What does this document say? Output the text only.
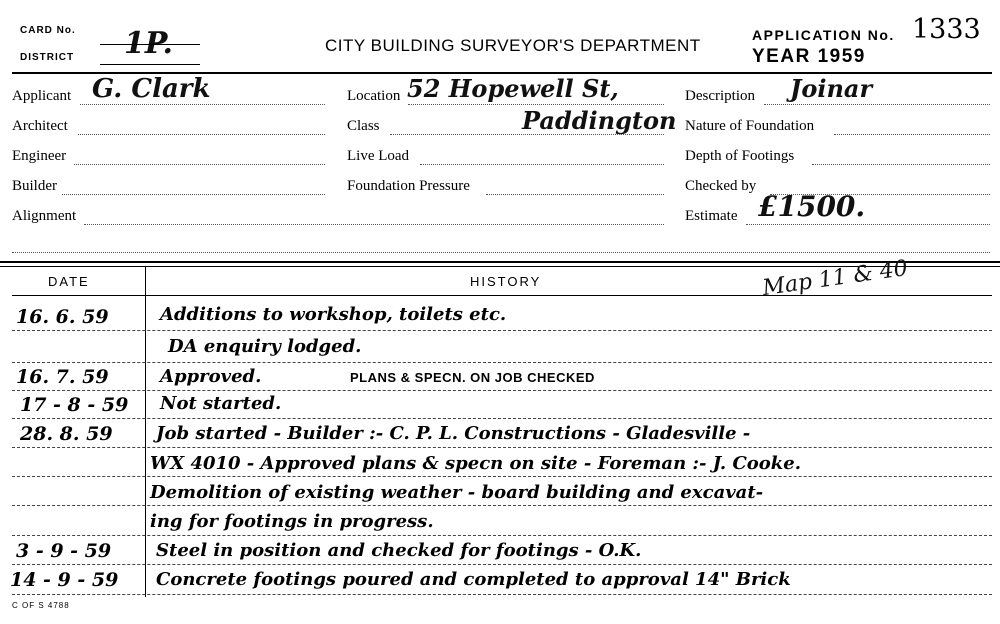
CARD No.
DISTRICT 1P.	CITY BUILDING SURVEYOR'S DEPARTMENT
APPLICATION No. 1333
YEAR 1959
Applicant G. Clark
Architect
Engineer
Builder
Alignment
Location 52 Hopewell St,
Class	Paddington
Live Load
Foundation Pressure
Description Joinar
Nature of Foundation
Depth of Footings
Checked by
Estimate £1500.
DATE	HISTORY	Map 11 & 40
16. 6. 59	Additions to workshop, toilets etc.
DA enquiry lodged.
16. 7. 59	Approved.	PLANS & SPECN. ON JOB CHECKED
17 - 8 - 59 Not started.
28. 8. 59 Job started - Builder :- C. P. L. Constructions - Gladesville -
WX 4010 - Approved plans & specn on site - Foreman :- J. Cooke.
Demolition of existing weather - board building and excavat-
ing for footings in progress.
3 - 9 - 59 Steel in position and checked for footings - O.K.
14 - 9 - 59 Concrete footings poured and completed to approval 14" Brick
C OF S 4788
